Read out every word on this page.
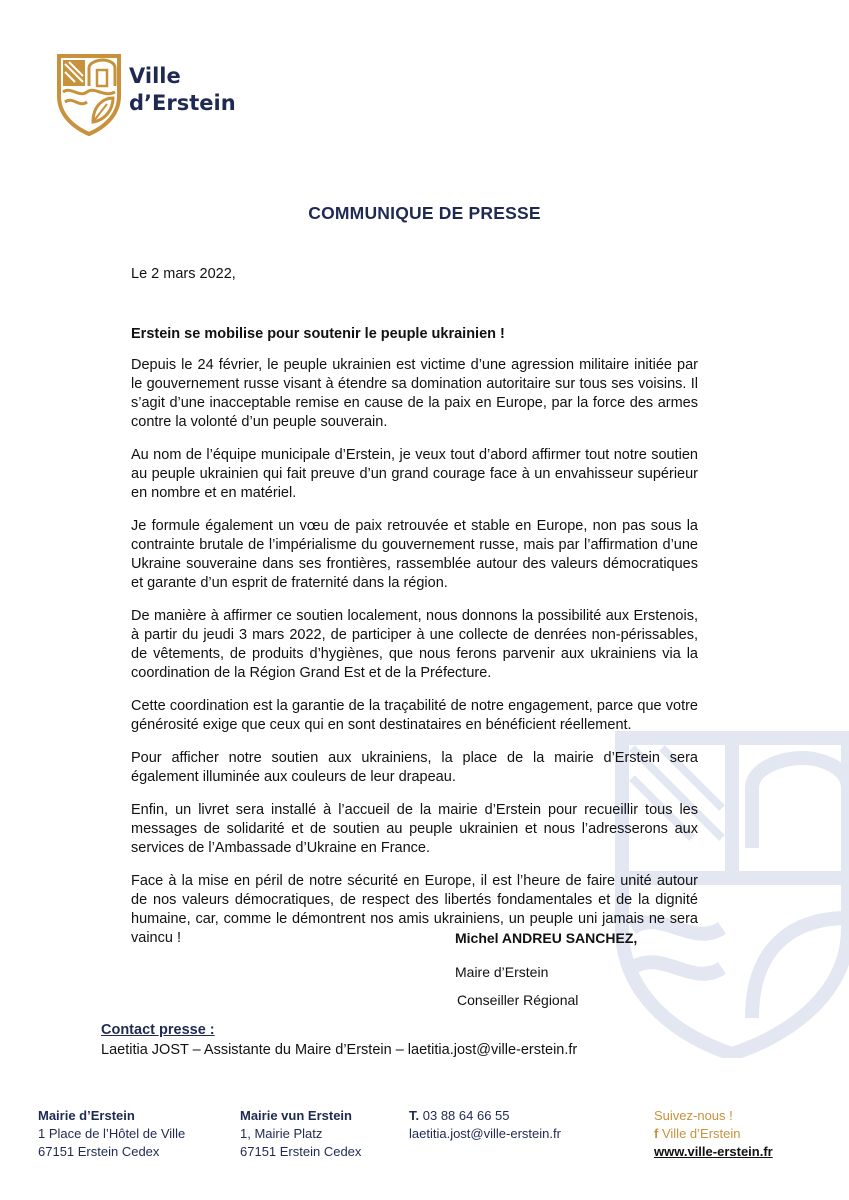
Ville
d’Erstein
COMMUNIQUE DE PRESSE
Le 2 mars 2022,

Erstein se mobilise pour soutenir le peuple ukrainien !

Depuis le 24 février, le peuple ukrainien est victime d’une agression militaire initiée par le gouvernement russe visant à étendre sa domination autoritaire sur tous ses voisins. Il s’agit d’une inacceptable remise en cause de la paix en Europe, par la force des armes contre la volonté d’un peuple souverain.

Au nom de l’équipe municipale d’Erstein, je veux tout d’abord affirmer tout notre soutien au peuple ukrainien qui fait preuve d’un grand courage face à un envahisseur supérieur en nombre et en matériel.

Je formule également un vœu de paix retrouvée et stable en Europe, non pas sous la contrainte brutale de l’impérialisme du gouvernement russe, mais par l’affirmation d’une Ukraine souveraine dans ses frontières, rassemblée autour des valeurs démocratiques et garante d’un esprit de fraternité dans la région.

De manière à affirmer ce soutien localement, nous donnons la possibilité aux Erstenois, à partir du jeudi 3 mars 2022, de participer à une collecte de denrées non-périssables, de vêtements, de produits d’hygiènes, que nous ferons parvenir aux ukrainiens via la coordination de la Région Grand Est et de la Préfecture.

Cette coordination est la garantie de la traçabilité de notre engagement, parce que votre générosité exige que ceux qui en sont destinataires en bénéficient réellement.

Pour afficher notre soutien aux ukrainiens, la place de la mairie d’Erstein sera également illuminée aux couleurs de leur drapeau.

Enfin, un livret sera installé à l’accueil de la mairie d’Erstein pour recueillir tous les messages de solidarité et de soutien au peuple ukrainien et nous l’adresserons aux services de l’Ambassade d’Ukraine en France.

Face à la mise en péril de notre sécurité en Europe, il est l’heure de faire unité autour de nos valeurs démocratiques, de respect des libertés fondamentales et de la dignité humaine, car, comme le démontrent nos amis ukrainiens, un peuple uni jamais ne sera vaincu !	Michel ANDREU SANCHEZ,
Maire d’Erstein
Conseiller Régional
Contact presse :
Laetitia JOST – Assistante du Maire d’Erstein – laetitia.jost@ville-erstein.fr
Mairie d’Erstein
1 Place de l’Hôtel de Ville
67151 Erstein Cedex
Mairie vun Erstein
1, Mairie Platz
67151 Erstein Cedex
T. 03 88 64 66 55
laetitia.jost@ville-erstein.fr
Suivez-nous !
f Ville d’Erstein
www.ville-erstein.fr
